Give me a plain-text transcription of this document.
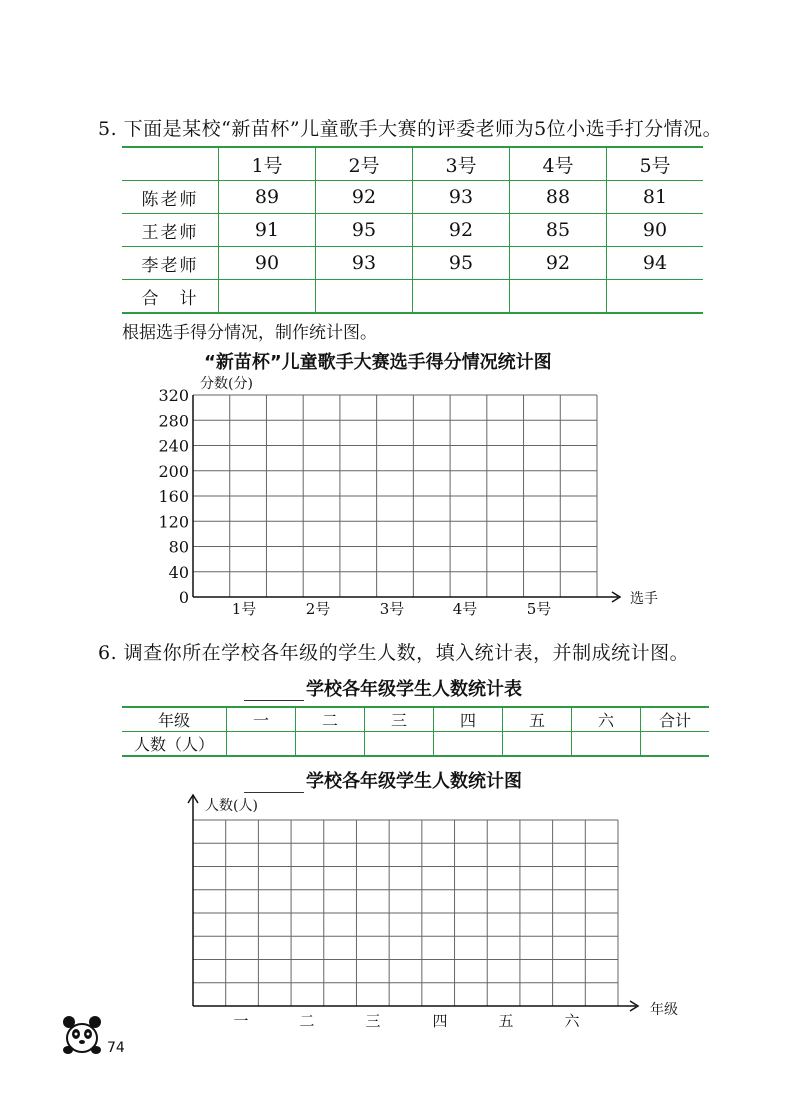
5. 下面是某校“新苗杯”儿童歌手大赛的评委老师为5位小选手打分情况。
	1号	2号	3号	4号	5号
陈老师	89	92	93	88	81
王老师	91	95	92	85	90
李老师	90	93	95	92	94
合　计					
根据选手得分情况，制作统计图。
“新苗杯”儿童歌手大赛选手得分情况统计图
320
280
240
200
160
120
80
40
0
1号	2号	3号	4号	5号
分数(分)
选手
6. 调查你所在学校各年级的学生人数，填入统计表，并制成统计图。
学校各年级学生人数统计表
年级	一	二	三	四	五	六	合计
人数（人）							
学校各年级学生人数统计图
一	二	三	四	五	六
人数(人)
年级
74
